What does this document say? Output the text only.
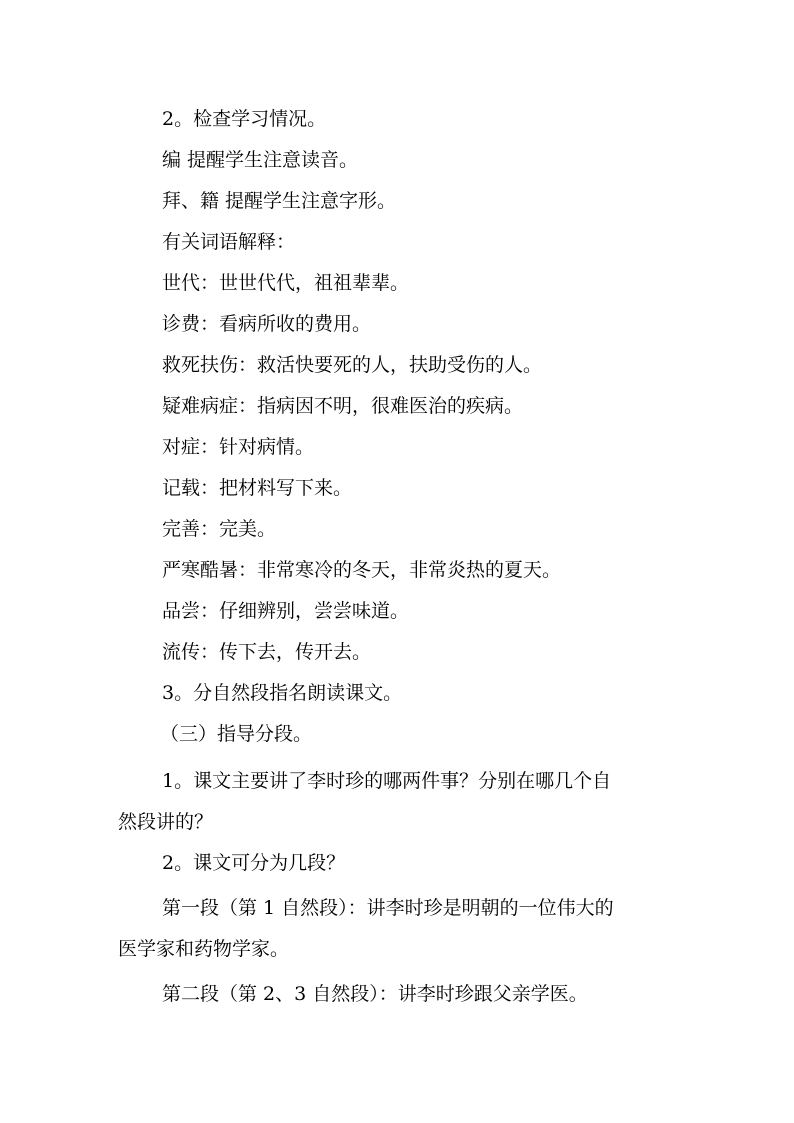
2。检查学习情况。

编 提醒学生注意读音。

拜、籍 提醒学生注意字形。

有关词语解释：

世代：世世代代，祖祖辈辈。

诊费：看病所收的费用。

救死扶伤：救活快要死的人，扶助受伤的人。

疑难病症：指病因不明，很难医治的疾病。

对症：针对病情。

记载：把材料写下来。

完善：完美。

严寒酷暑：非常寒冷的冬天，非常炎热的夏天。

品尝：仔细辨别，尝尝味道。

流传：传下去，传开去。

3。分自然段指名朗读课文。

（三）指导分段。

1。课文主要讲了李时珍的哪两件事？分别在哪几个自

然段讲的？

2。课文可分为几段？

第一段（第 1 自然段）：讲李时珍是明朝的一位伟大的

医学家和药物学家。

第二段（第 2、3 自然段）：讲李时珍跟父亲学医。
